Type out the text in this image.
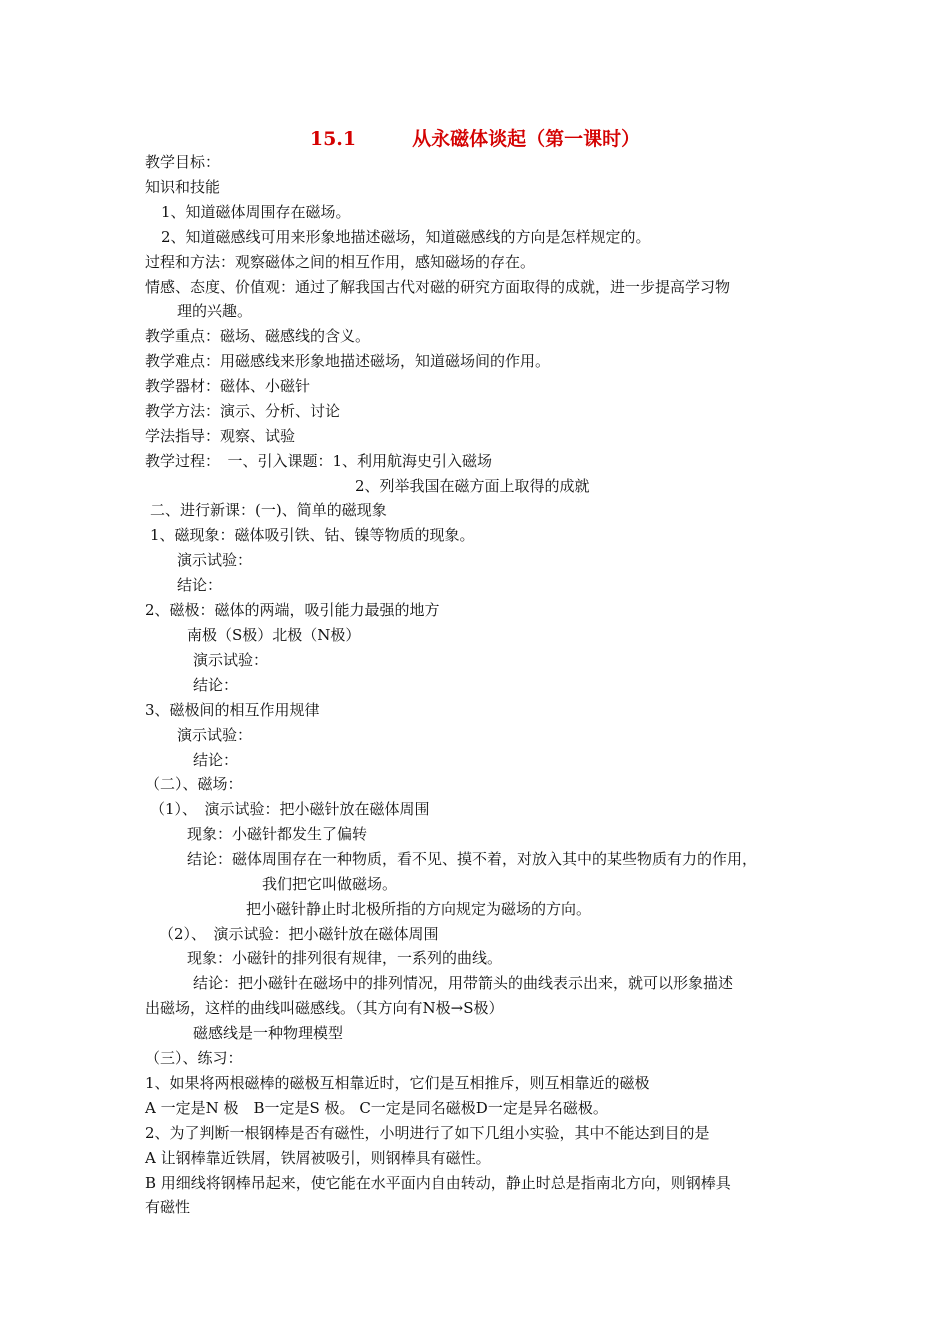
15.1	从永磁体谈起（第一课时）
教学目标：
知识和技能
1、知道磁体周围存在磁场。
2、知道磁感线可用来形象地描述磁场，知道磁感线的方向是怎样规定的。
过程和方法：观察磁体之间的相互作用，感知磁场的存在。
情感、态度、价值观：通过了解我国古代对磁的研究方面取得的成就，进一步提高学习物
理的兴趣。
教学重点：磁场、磁感线的含义。
教学难点：用磁感线来形象地描述磁场，知道磁场间的作用。
教学器材：磁体、小磁针
教学方法：演示、分析、讨论
学法指导：观察、试验
教学过程：　一、引入课题：1、利用航海史引入磁场
2、列举我国在磁方面上取得的成就
二、进行新课：(一)、简单的磁现象
1、磁现象：磁体吸引铁、钴、镍等物质的现象。
演示试验：
结论：
2、磁极：磁体的两端，吸引能力最强的地方
南极（S极）北极（N极）
演示试验：
结论：
3、磁极间的相互作用规律
演示试验：
结论：
（二）、磁场：
（1）、　演示试验：把小磁针放在磁体周围
现象：小磁针都发生了偏转
结论：磁体周围存在一种物质，看不见、摸不着，对放入其中的某些物质有力的作用，
我们把它叫做磁场。
把小磁针静止时北极所指的方向规定为磁场的方向。
（2）、　演示试验：把小磁针放在磁体周围
现象：小磁针的排列很有规律，一系列的曲线。
结论：把小磁针在磁场中的排列情况，用带箭头的曲线表示出来，就可以形象描述
出磁场，这样的曲线叫磁感线。（其方向有N极→S极）
磁感线是一种物理模型
（三）、练习：
1、如果将两根磁棒的磁极互相靠近时，它们是互相推斥，则互相靠近的磁极
A 一定是N 极　B一定是S 极。 C一定是同名磁极D一定是异名磁极。
2、为了判断一根钢棒是否有磁性，小明进行了如下几组小实验，其中不能达到目的是
A 让钢棒靠近铁屑，铁屑被吸引，则钢棒具有磁性。
B 用细线将钢棒吊起来，使它能在水平面内自由转动，静止时总是指南北方向，则钢棒具
有磁性
